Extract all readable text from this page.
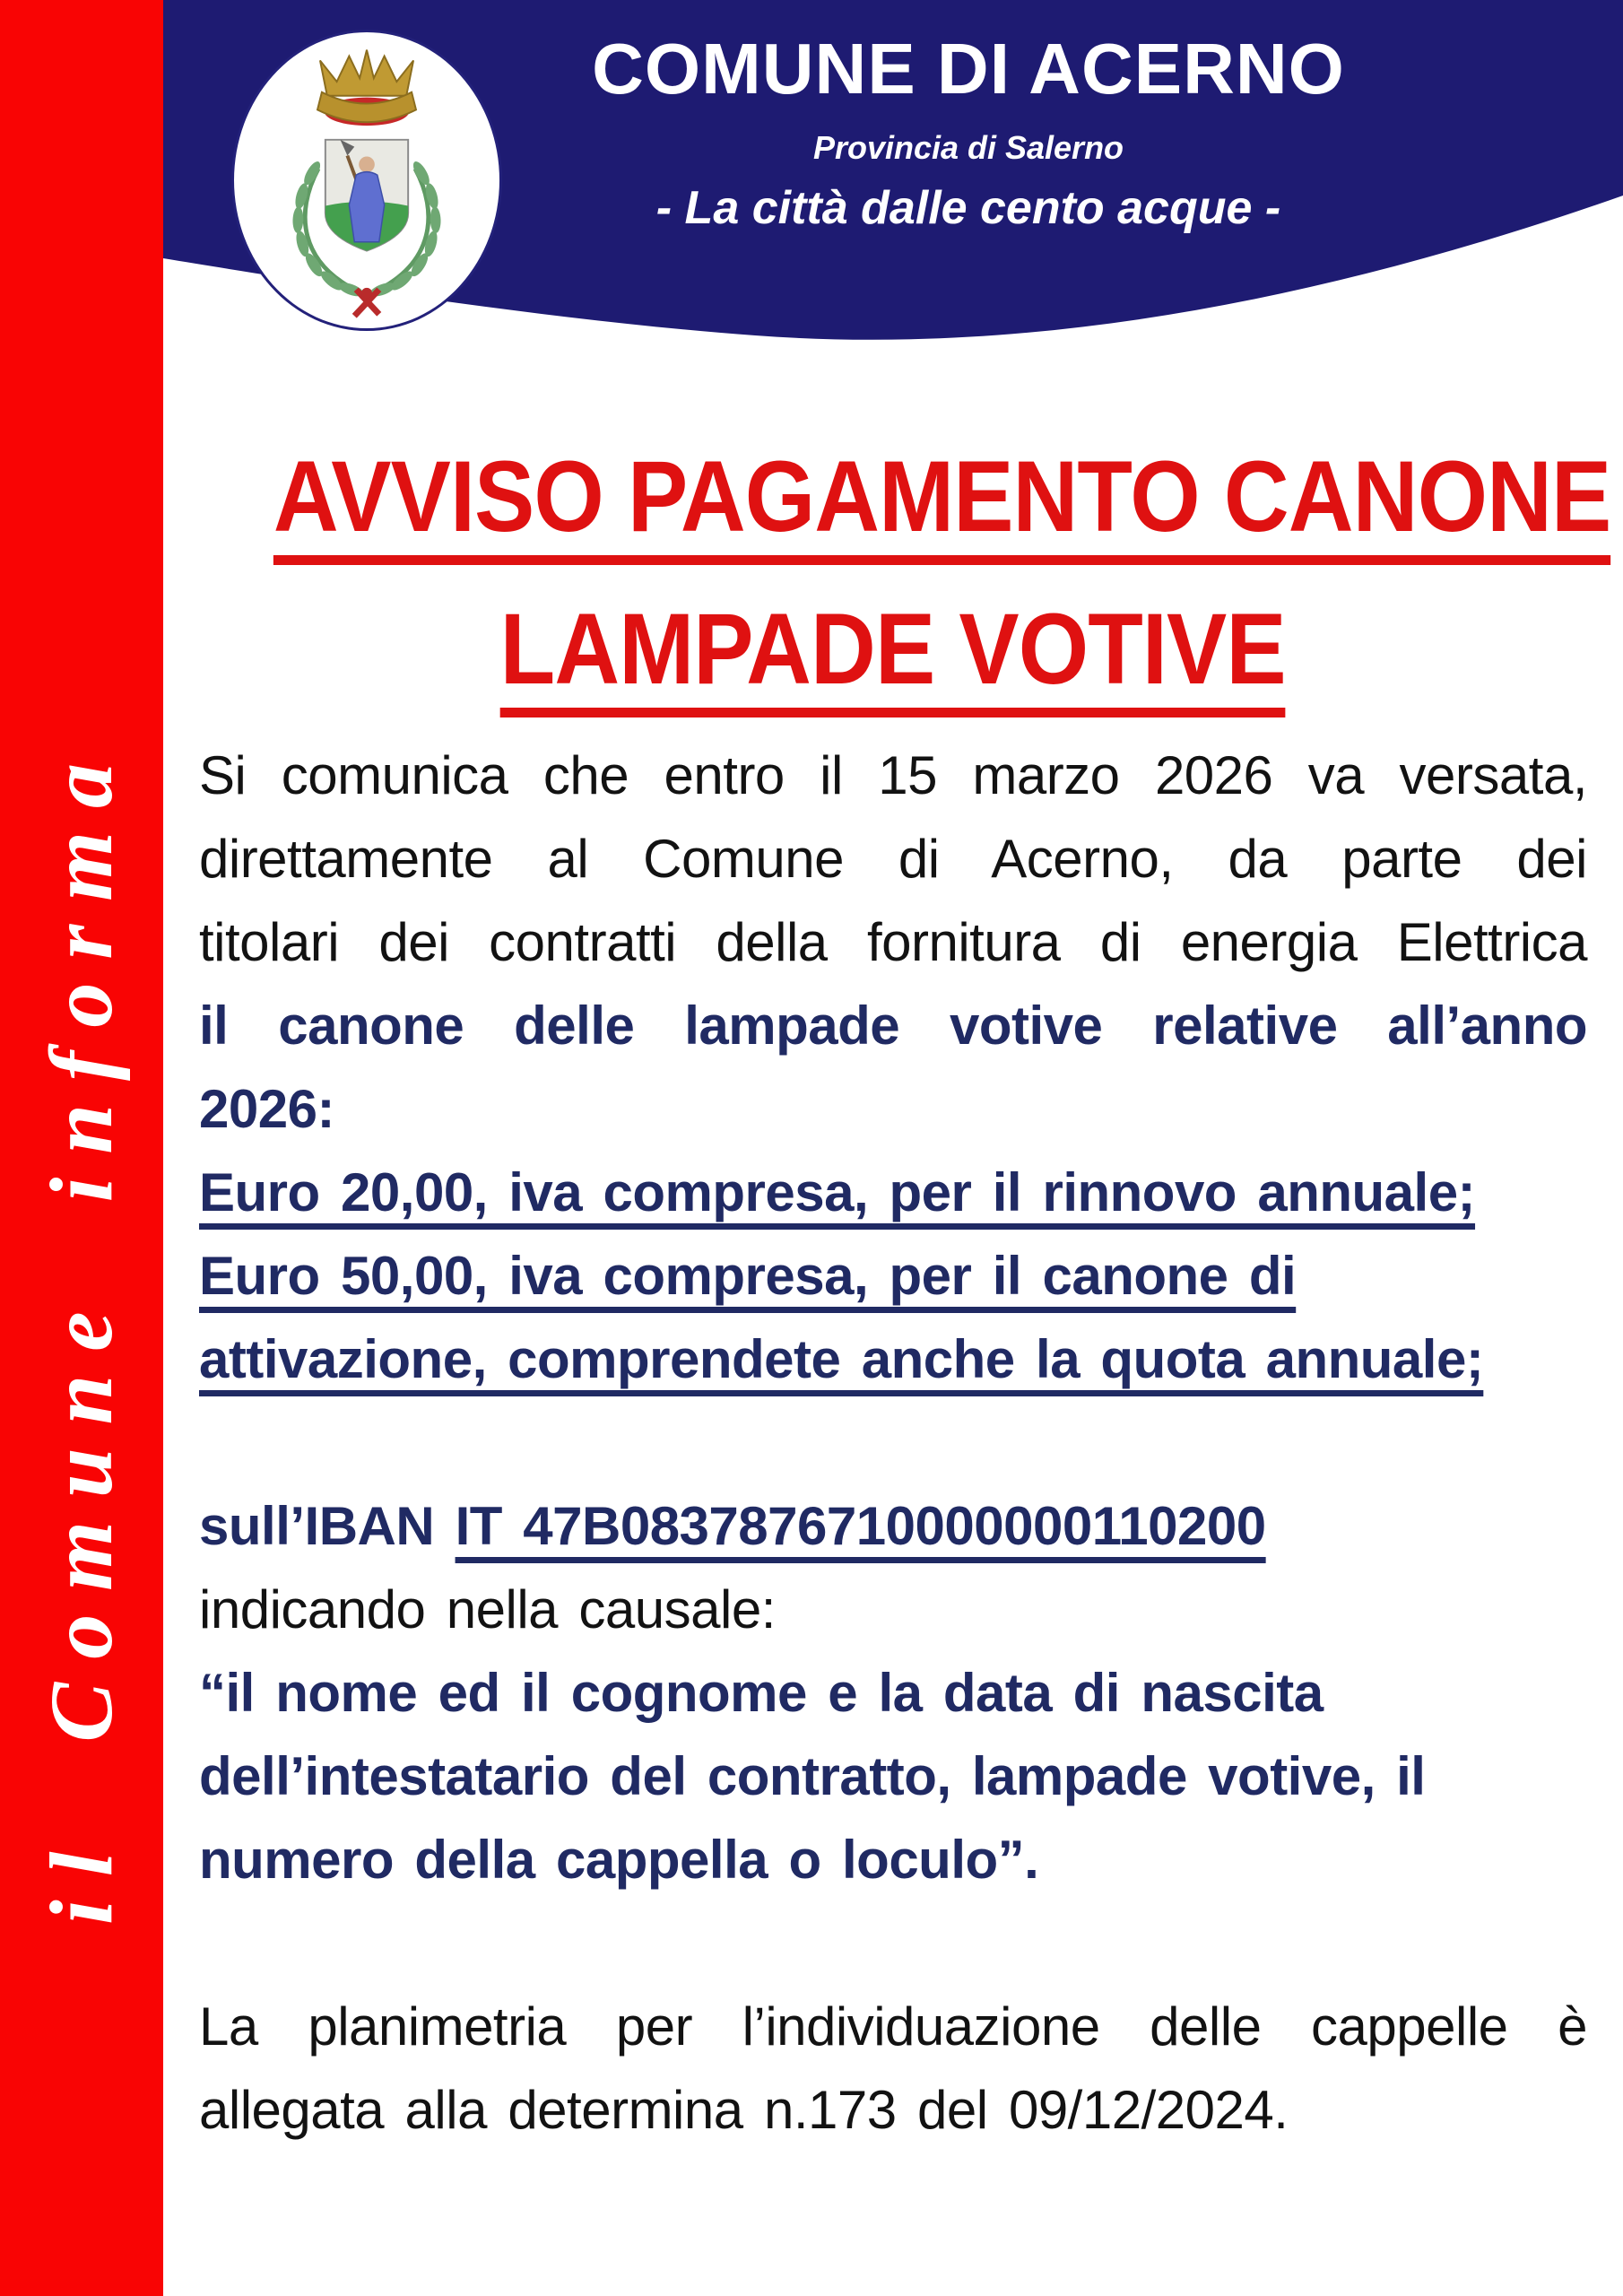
il Comune informa
COMUNE DI ACERNO
Provincia di Salerno
- La città dalle cento acque -
AVVISO PAGAMENTO CANONE
LAMPADE VOTIVE
Si comunica che entro il 15 marzo 2026 va versata,
direttamente al Comune di Acerno, da parte dei
titolari dei contratti della fornitura di energia Elettrica
il canone delle lampade votive relative all’anno
2026:
Euro 20,00, iva compresa, per il rinnovo annuale;
Euro 50,00, iva compresa, per il canone di
attivazione, comprendete anche la quota annuale;
sull’IBAN IT 47B0837876710000000110200
indicando nella causale:
“il nome ed il cognome e la data di nascita
dell’intestatario del contratto, lampade votive, il
numero della cappella o loculo”.
La planimetria per l’individuazione delle cappelle è
allegata alla determina n.173 del 09/12/2024.
